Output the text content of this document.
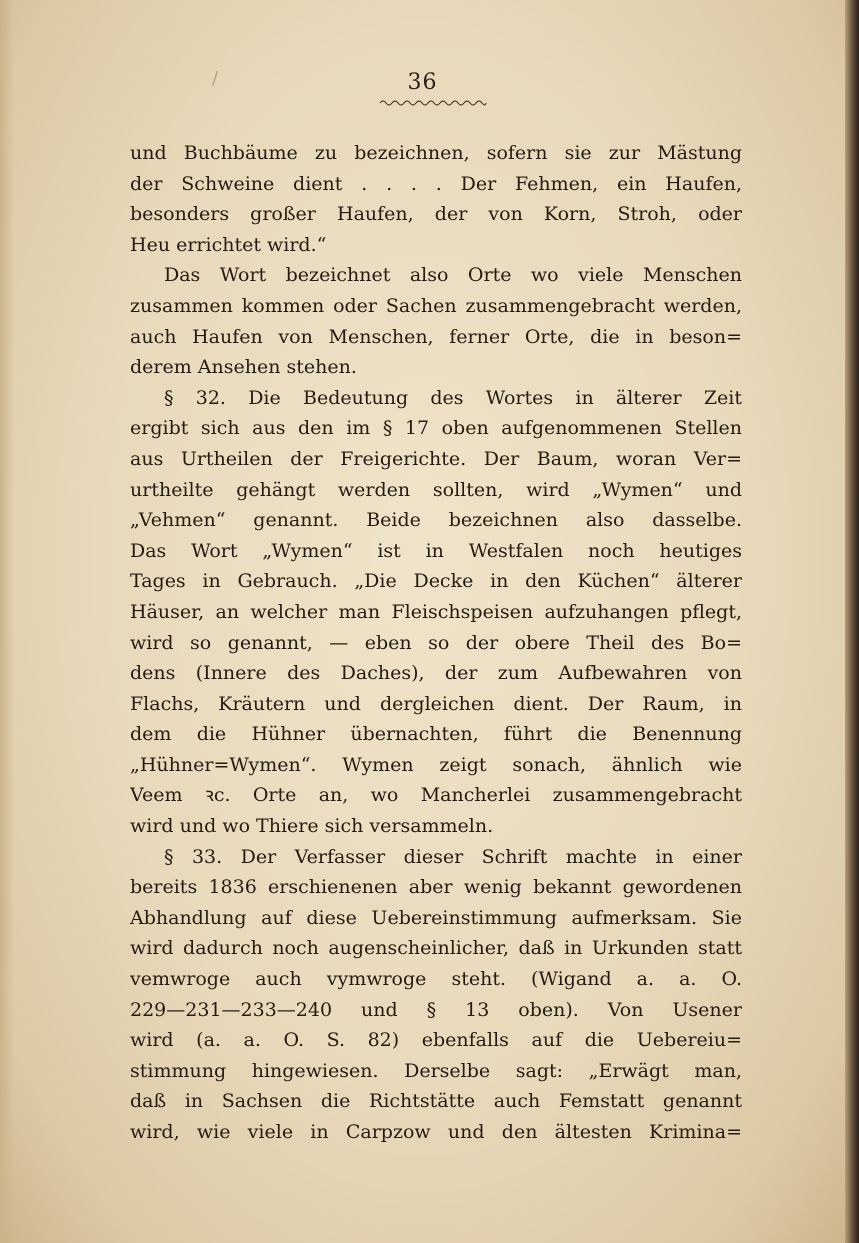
/	36
und Buchbäume zu bezeichnen, sofern sie zur Mästung
der Schweine dient . . . . Der Fehmen, ein Haufen,
besonders großer Haufen, der von Korn, Stroh, oder
Heu errichtet wird.“
Das Wort bezeichnet also Orte wo viele Menschen
zusammen kommen oder Sachen zusammengebracht werden,
auch Haufen von Menschen, ferner Orte, die in beson=
derem Ansehen stehen.
§ 32. Die Bedeutung des Wortes in älterer Zeit
ergibt sich aus den im § 17 oben aufgenommenen Stellen
aus Urtheilen der Freigerichte. Der Baum, woran Ver=
urtheilte gehängt werden sollten, wird „Wymen“ und
„Vehmen“ genannt. Beide bezeichnen also dasselbe.
Das Wort „Wymen“ ist in Westfalen noch heutiges
Tages in Gebrauch. „Die Decke in den Küchen“ älterer
Häuser, an welcher man Fleischspeisen aufzuhangen pflegt,
wird so genannt, — eben so der obere Theil des Bo=
dens (Innere des Daches), der zum Aufbewahren von
Flachs, Kräutern und dergleichen dient. Der Raum, in
dem die Hühner übernachten, führt die Benennung
„Hühner=Wymen“. Wymen zeigt sonach, ähnlich wie
Veem ꝛc. Orte an, wo Mancherlei zusammengebracht
wird und wo Thiere sich versammeln.
§ 33. Der Verfasser dieser Schrift machte in einer
bereits 1836 erschienenen aber wenig bekannt gewordenen
Abhandlung auf diese Uebereinstimmung aufmerksam. Sie
wird dadurch noch augenscheinlicher, daß in Urkunden statt
vemwroge auch vymwroge steht. (Wigand a. a. O.
229—231—233—240 und § 13 oben). Von Usener
wird (a. a. O. S. 82) ebenfalls auf die Uebereiu=
stimmung hingewiesen. Derselbe sagt: „Erwägt man,
daß in Sachsen die Richtstätte auch Femstatt genannt
wird, wie viele in Carpzow und den ältesten Krimina=
